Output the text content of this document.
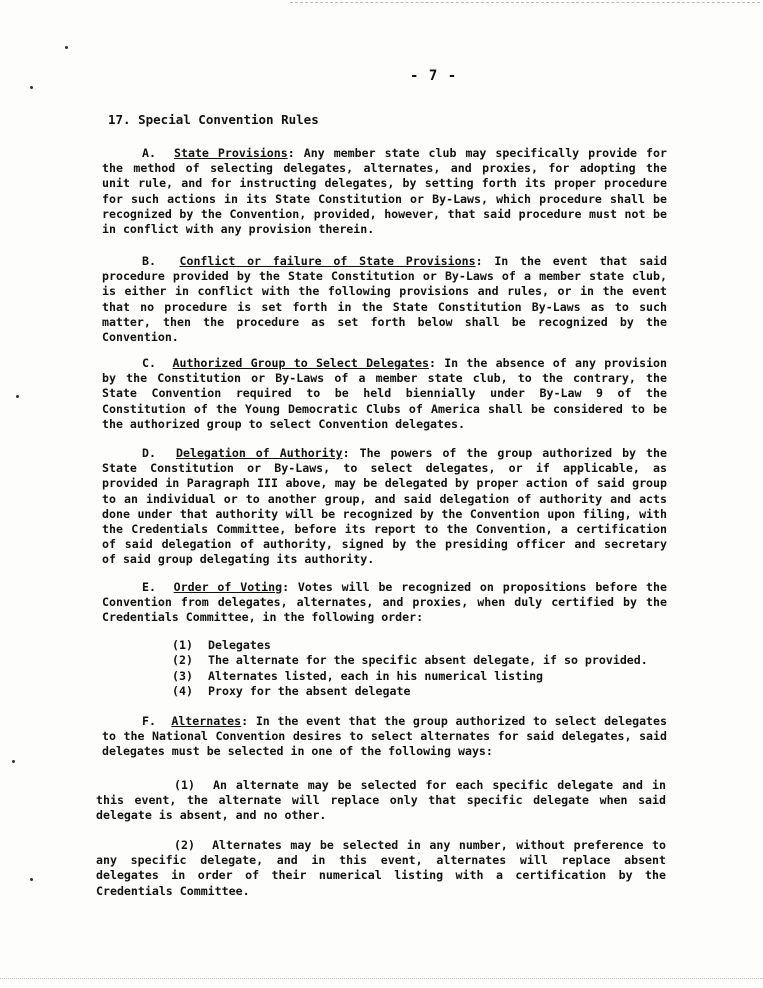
- 7 -
17. Special Convention Rules
A. State Provisions: Any member state club may specifically provide for the method of selecting delegates, alternates, and proxies, for adopting the unit rule, and for instructing delegates, by setting forth its proper procedure for such actions in its State Constitution or By-Laws, which procedure shall be recognized by the Convention, provided, however, that said procedure must not be in conflict with any provision therein.
B. Conflict or failure of State Provisions: In the event that said procedure provided by the State Constitution or By-Laws of a member state club, is either in conflict with the following provisions and rules, or in the event that no procedure is set forth in the State Constitution By-Laws as to such matter, then the procedure as set forth below shall be recognized by the Convention.
C. Authorized Group to Select Delegates: In the absence of any provision by the Constitution or By-Laws of a member state club, to the contrary, the State Convention required to be held biennially under By-Law 9 of the Constitution of the Young Democratic Clubs of America shall be considered to be the authorized group to select Convention delegates.
D. Delegation of Authority: The powers of the group authorized by the State Constitution or By-Laws, to select delegates, or if applicable, as provided in Paragraph III above, may be delegated by proper action of said group to an individual or to another group, and said delegation of authority and acts done under that authority will be recognized by the Convention upon filing, with the Credentials Committee, before its report to the Convention, a certification of said delegation of authority, signed by the presiding officer and secretary of said group delegating its authority.
E. Order of Voting: Votes will be recognized on propositions before the Convention from delegates, alternates, and proxies, when duly certified by the Credentials Committee, in the following order:
(1) Delegates
(2) The alternate for the specific absent delegate, if so provided.
(3) Alternates listed, each in his numerical listing
(4) Proxy for the absent delegate
F. Alternates: In the event that the group authorized to select delegates to the National Convention desires to select alternates for said delegates, said delegates must be selected in one of the following ways:
(1) An alternate may be selected for each specific delegate and in this event, the alternate will replace only that specific delegate when said delegate is absent, and no other.
(2) Alternates may be selected in any number, without preference to any specific delegate, and in this event, alternates will replace absent delegates in order of their numerical listing with a certification by the Credentials Committee.
